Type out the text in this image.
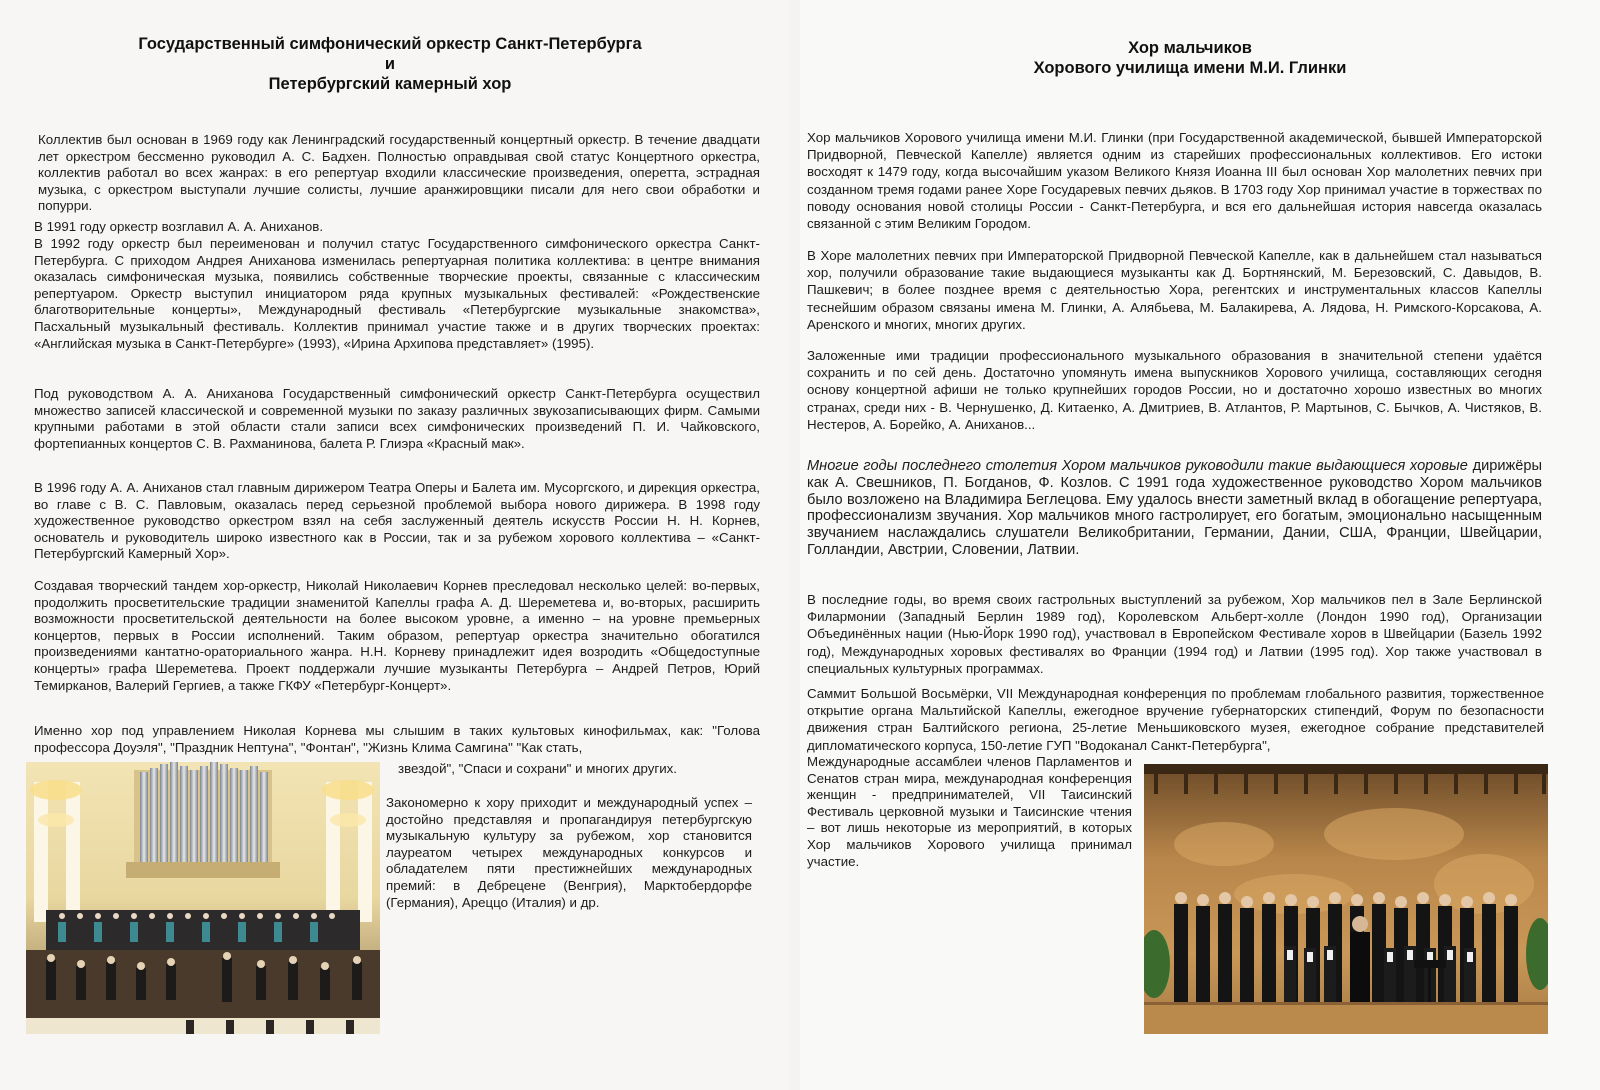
Государственный симфонический оркестр Санкт-Петербурга
и
Петербургский камерный хор

Коллектив был основан в 1969 году как Ленинградский государственный концертный оркестр. В течение двадцати лет оркестром бессменно руководил А. С. Бадхен. Полностью оправдывая свой статус Концертного оркестра, коллектив работал во всех жанрах: в его репертуар входили классические произведения, оперетта, эстрадная музыка, с оркестром выступали лучшие солисты, лучшие аранжировщики писали для него свои обработки и попурри.

В 1991 году оркестр возглавил А. А. Аниханов.

В 1992 году оркестр был переименован и получил статус Государственного симфонического оркестра Санкт-Петербурга. С приходом Андрея Аниханова изменилась репертуарная политика коллектива: в центре внимания оказалась симфоническая музыка, появились собственные творческие проекты, связанные с классическим репертуаром. Оркестр выступил инициатором ряда крупных музыкальных фестивалей: «Рождественские благотворительные концерты», Международный фестиваль «Петербургские музыкальные знакомства», Пасхальный музыкальный фестиваль. Коллектив принимал участие также и в других творческих проектах: «Английская музыка в Санкт-Петербурге» (1993), «Ирина Архипова представляет» (1995).

Под руководством А. А. Аниханова Государственный симфонический оркестр Санкт-Петербурга осуществил множество записей классической и современной музыки по заказу различных звукозаписывающих фирм. Самыми крупными работами в этой области стали записи всех симфонических произведений П. И. Чайковского, фортепианных концертов С. В. Рахманинова, балета Р. Глиэра «Красный мак».

В 1996 году А. А. Аниханов стал главным дирижером Театра Оперы и Балета им. Мусоргского, и дирекция оркестра, во главе с В. С. Павловым, оказалась перед серьезной проблемой выбора нового дирижера. В 1998 году художественное руководство оркестром взял на себя заслуженный деятель искусств России Н. Н. Корнев, основатель и руководитель широко известного как в России, так и за рубежом хорового коллектива – «Санкт-Петербургский Камерный Хор».

Создавая творческий тандем хор-оркестр, Николай Николаевич Корнев преследовал несколько целей: во-первых, продолжить просветительские традиции знаменитой Капеллы графа А. Д. Шереметева и, во-вторых, расширить возможности просветительской деятельности на более высоком уровне, а именно – на уровне премьерных концертов, первых в России исполнений. Таким образом, репертуар оркестра значительно обогатился произведениями кантатно-ораториального жанра. Н.Н. Корневу принадлежит идея возродить «Общедоступные концерты» графа Шереметева. Проект поддержали лучшие музыканты Петербурга – Андрей Петров, Юрий Темирканов, Валерий Гергиев, а также ГКФУ «Петербург-Концерт».

Именно хор под управлением Николая Корнева мы слышим в таких культовых кинофильмах, как: "Голова профессора Доуэля", "Праздник Нептуна", "Фонтан", "Жизнь Клима Самгина" "Как стать,

звездой", "Спаси и сохрани" и многих других.

Закономерно к хору приходит и международный успех – достойно представляя и пропагандируя петербургскую музыкальную культуру за рубежом, хор становится лауреатом четырех международных конкурсов и обладателем пяти престижнейших международных премий: в Дебрецене (Венгрия), Марктобердорфе (Германия), Ареццо (Италия) и др.

Хор мальчиков
Хорового училища имени М.И. Глинки

Хор мальчиков Хорового училища имени М.И. Глинки (при Государственной академической, бывшей Императорской Придворной, Певческой Капелле) является одним из старейших профессиональных коллективов. Его истоки восходят к 1479 году, когда высочайшим указом Великого Князя Иоанна III был основан Хор малолетних певчих при созданном тремя годами ранее Хоре Государевых певчих дьяков. В 1703 году Хор принимал участие в торжествах по поводу основания новой столицы России - Санкт-Петербурга, и вся его дальнейшая история навсегда оказалась связанной с этим Великим Городом.

В Хоре малолетних певчих при Императорской Придворной Певческой Капелле, как в дальнейшем стал называться хор, получили образование такие выдающиеся музыканты как Д. Бортнянский, М. Березовский, С. Давыдов, В. Пашкевич; в более позднее время с деятельностью Хора, регентских и инструментальных классов Капеллы теснейшим образом связаны имена М. Глинки, А. Алябьева, М. Балакирева, А. Лядова, Н. Римского-Корсакова, А. Аренского и многих, многих других.

Заложенные ими традиции профессионального музыкального образования в значительной степени удаётся сохранить и по сей день. Достаточно упомянуть имена выпускников Хорового училища, составляющих сегодня основу концертной афиши не только крупнейших городов России, но и достаточно хорошо известных во многих странах, среди них - В. Чернушенко, Д. Китаенко, А. Дмитриев, В. Атлантов, Р. Мартынов, С. Бычков, А. Чистяков, В. Нестеров, А. Борейко, А. Аниханов...

Многие годы последнего столетия Хором мальчиков руководили такие выдающиеся хоровые дирижёры как А. Свешников, П. Богданов, Ф. Козлов. С 1991 года художественное руководство Хором мальчиков было возложено на Владимира Беглецова. Ему удалось внести заметный вклад в обогащение репертуара, профессионализм звучания. Хор мальчиков много гастролирует, его богатым, эмоционально насыщенным звучанием наслаждались слушатели Великобритании, Германии, Дании, США, Франции, Швейцарии, Голландии, Австрии, Словении, Латвии.

В последние годы, во время своих гастрольных выступлений за рубежом, Хор мальчиков пел в Зале Берлинской Филармонии (Западный Берлин 1989 год), Королевском Альберт-холле (Лондон 1990 год), Организации Объединённых нации (Нью-Йорк 1990 год), участвовал в Европейском Фестивале хоров в Швейцарии (Базель 1992 год), Международных хоровых фестивалях во Франции (1994 год) и Латвии (1995 год). Хор также участвовал в специальных культурных программах.

Саммит Большой Восьмёрки, VII Международная конференция по проблемам глобального развития, торжественное открытие органа Мальтийской Капеллы, ежегодное вручение губернаторских стипендий, Форум по безопасности движения стран Балтийского региона, 25-летие Меньшиковского музея, ежегодное собрание представителей дипломатического корпуса, 150-летие ГУП "Водоканал Санкт-Петербурга",

Международные ассамблеи членов Парламентов и Сенатов стран мира, международная конференция женщин - предпринимателей, VII Таисинский Фестиваль церковной музыки и Таисинские чтения – вот лишь некоторые из мероприятий, в которых Хор мальчиков Хорового училища принимал участие.
